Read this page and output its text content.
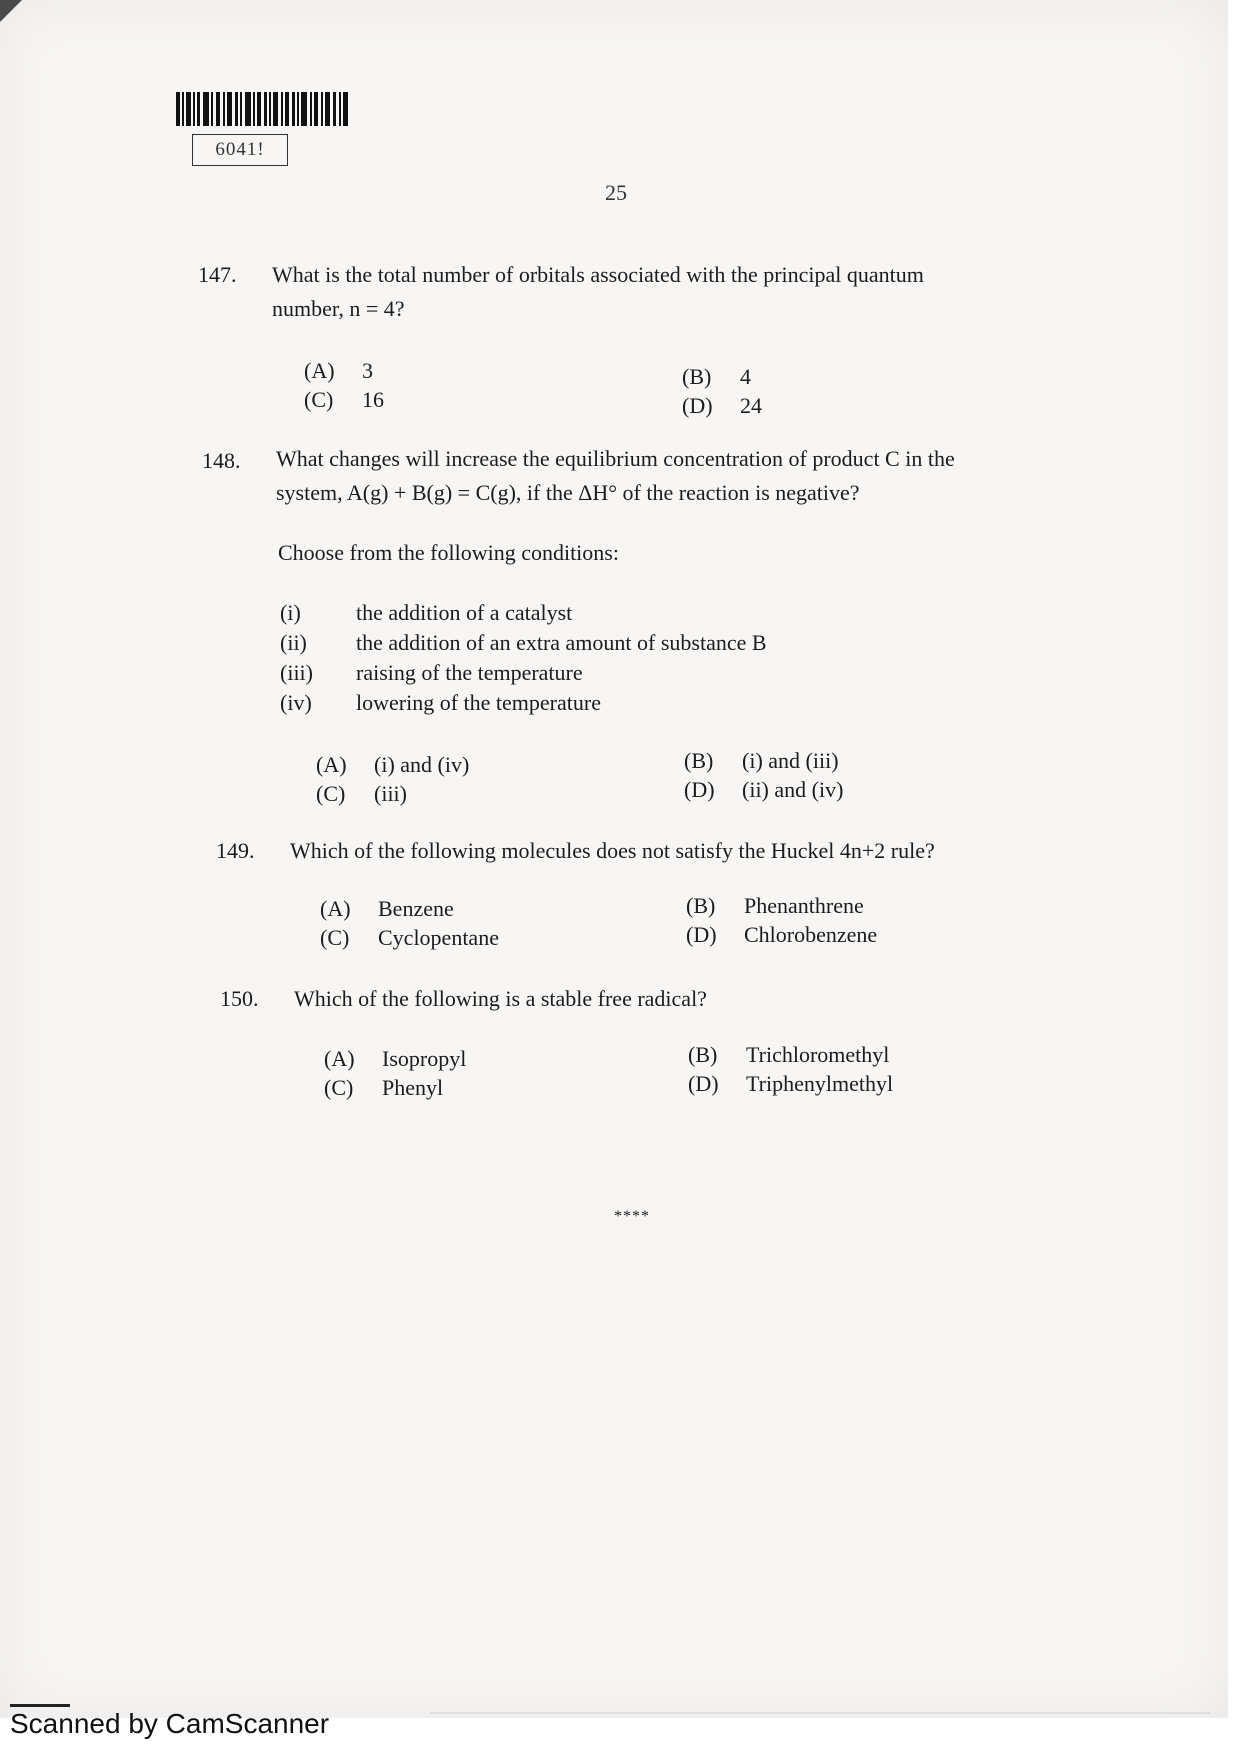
6041!
25
147. What is the total number of orbitals associated with the principal quantum
number, n = 4?
(A) 3	(B) 4
(C) 16	(D) 24
148. What changes will increase the equilibrium concentration of product C in the
system, A(g) + B(g) = C(g), if the ΔH° of the reaction is negative?
Choose from the following conditions:
(i)	the addition of a catalyst
(ii) the addition of an extra amount of substance B
(iii) raising of the temperature
(iv) lowering of the temperature
(A) (i) and (iv)	(B) (i) and (iii)
(C) (iii)	(D) (ii) and (iv)
149. Which of the following molecules does not satisfy the Huckel 4n+2 rule?
(A) Benzene	(B) Phenanthrene
(C) Cyclopentane	(D) Chlorobenzene
150. Which of the following is a stable free radical?
(A) Isopropyl	(B) Trichloromethyl
(C) Phenyl	(D) Triphenylmethyl
****
Scanned by CamScanner
